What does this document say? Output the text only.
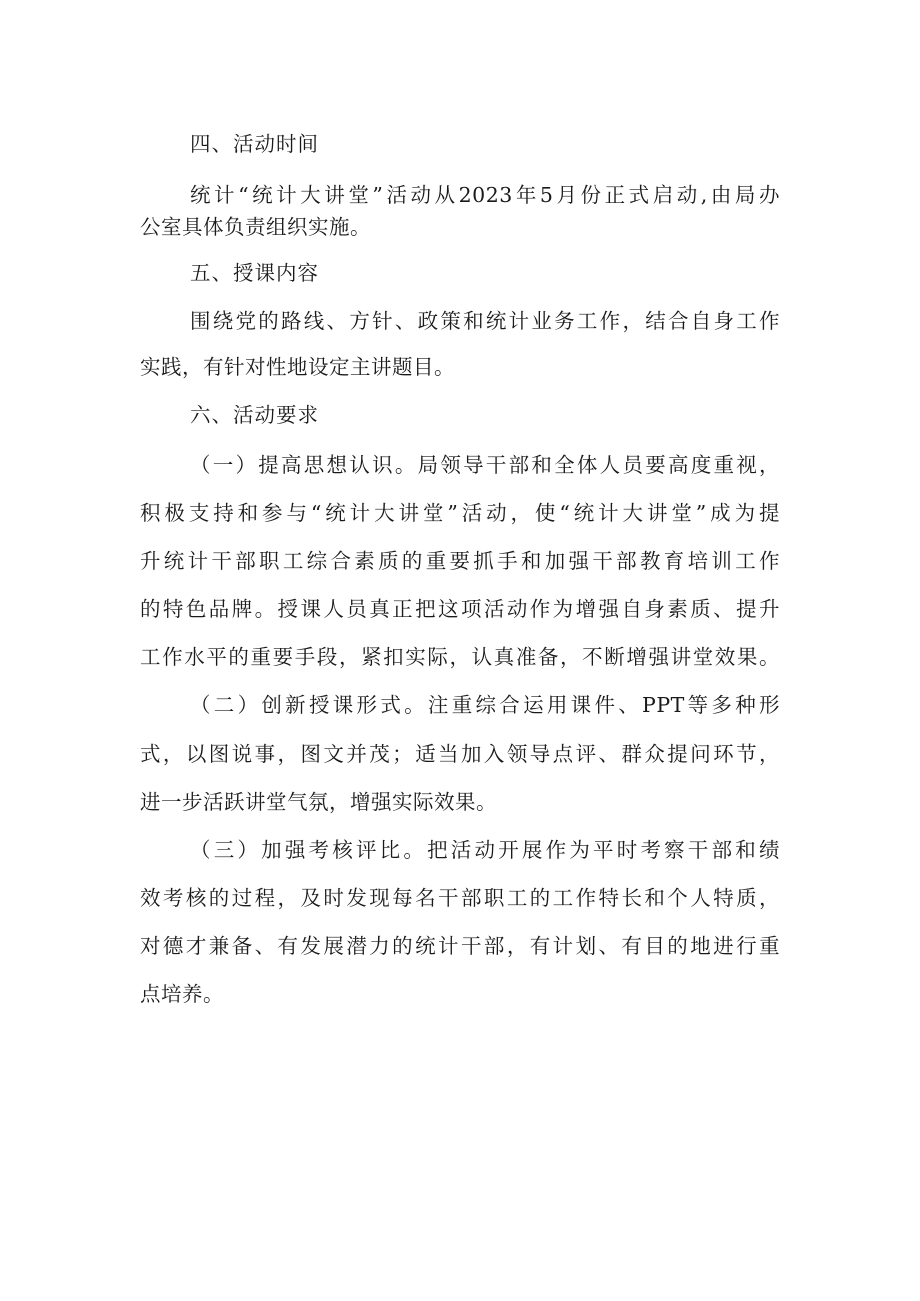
四、活动时间
统计“统计大讲堂”活动从2023年5月份正式启动,由局办
公室具体负责组织实施。
五、授课内容
围绕党的路线、方针、政策和统计业务工作，结合自身工作
实践，有针对性地设定主讲题目。
六、活动要求
（一）提高思想认识。局领导干部和全体人员要高度重视，
积极支持和参与“统计大讲堂”活动，使“统计大讲堂”成为提
升统计干部职工综合素质的重要抓手和加强干部教育培训工作
的特色品牌。授课人员真正把这项活动作为增强自身素质、提升
工作水平的重要手段，紧扣实际，认真准备，不断增强讲堂效果。
（二）创新授课形式。注重综合运用课件、PPT等多种形
式，以图说事，图文并茂；适当加入领导点评、群众提问环节，
进一步活跃讲堂气氛，增强实际效果。
（三）加强考核评比。把活动开展作为平时考察干部和绩
效考核的过程，及时发现每名干部职工的工作特长和个人特质，
对德才兼备、有发展潜力的统计干部，有计划、有目的地进行重
点培养。
